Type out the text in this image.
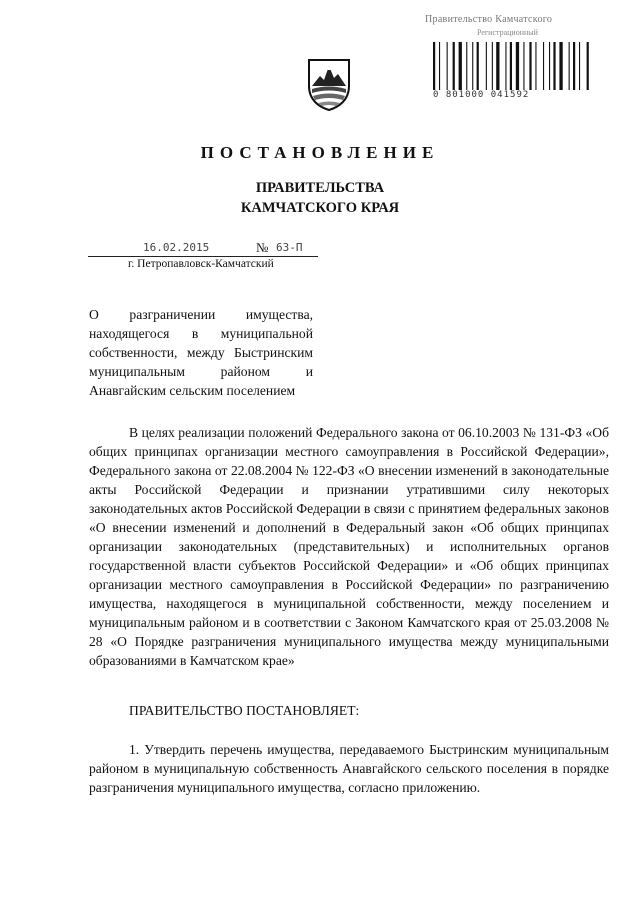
Правительство Камчатского
Регистрационный
0 801000 041592
ПОСТАНОВЛЕНИЕ
ПРАВИТЕЛЬСТВА
КАМЧАТСКОГО КРАЯ
16.02.2015	№ 63-П
г. Петропавловск-Камчатский
О разграничении имущества, находящегося в муниципальной собственности, между Быстринским муниципальным районом и Анавгайским сельским поселением
В целях реализации положений Федерального закона от 06.10.2003 № 131-ФЗ «Об общих принципах организации местного самоуправления в Российской Федерации», Федерального закона от 22.08.2004 № 122-ФЗ «О внесении изменений в законодательные акты Российской Федерации и признании утратившими силу некоторых законодательных актов Российской Федерации в связи с принятием федеральных законов «О внесении изменений и дополнений в Федеральный закон «Об общих принципах организации законодательных (представительных) и исполнительных органов государственной власти субъектов Российской Федерации» и «Об общих принципах организации местного самоуправления в Российской Федерации» по разграничению имущества, находящегося в муниципальной собственности, между поселением и муниципальным районом и в соответствии с Законом Камчатского края от 25.03.2008 № 28 «О Порядке разграничения муниципального имущества между муниципальными образованиями в Камчатском крае»
ПРАВИТЕЛЬСТВО ПОСТАНОВЛЯЕТ:
1. Утвердить перечень имущества, передаваемого Быстринским муниципальным районом в муниципальную собственность Анавгайского сельского поселения в порядке разграничения муниципального имущества, согласно приложению.
